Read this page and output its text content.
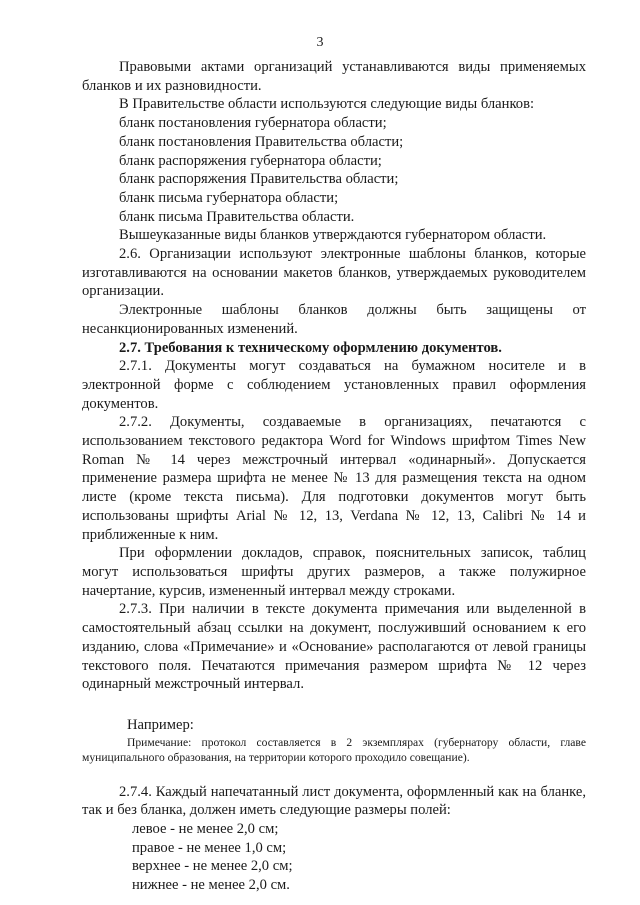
3

Правовыми актами организаций устанавливаются виды применяемых бланков и их разновидности.

В Правительстве области используются следующие виды бланков:

бланк постановления губернатора области;

бланк постановления Правительства области;

бланк распоряжения губернатора области;

бланк распоряжения Правительства области;

бланк письма губернатора области;

бланк письма Правительства области.

Вышеуказанные виды бланков утверждаются губернатором области.

2.6. Организации используют электронные шаблоны бланков, которые изготавливаются на основании макетов бланков, утверждаемых руководителем организации.

Электронные шаблоны бланков должны быть защищены от несанкционированных изменений.

2.7. Требования к техническому оформлению документов.

2.7.1. Документы могут создаваться на бумажном носителе и в электронной форме с соблюдением установленных правил оформления документов.

2.7.2. Документы, создаваемые в организациях, печатаются с использованием текстового редактора Word for Windows шрифтом Times New Roman № 14 через межстрочный интервал «одинарный». Допускается применение размера шрифта не менее № 13 для размещения текста на одном листе (кроме текста письма). Для подготовки документов могут быть использованы шрифты Arial № 12, 13, Verdana № 12, 13, Calibri № 14 и приближенные к ним.

При оформлении докладов, справок, пояснительных записок, таблиц могут использоваться шрифты других размеров, а также полужирное начертание, курсив, измененный интервал между строками.

2.7.3. При наличии в тексте документа примечания или выделенной в самостоятельный абзац ссылки на документ, послуживший основанием к его изданию, слова «Примечание» и «Основание» располагаются от левой границы текстового поля. Печатаются примечания размером шрифта № 12 через одинарный межстрочный интервал.

Например:

Примечание: протокол составляется в 2 экземплярах (губернатору области, главе муниципального образования, на территории которого проходило совещание).

2.7.4. Каждый напечатанный лист документа, оформленный как на бланке, так и без бланка, должен иметь следующие размеры полей:

левое - не менее 2,0 см;

правое - не менее 1,0 см;

верхнее - не менее 2,0 см;

нижнее - не менее 2,0 см.
